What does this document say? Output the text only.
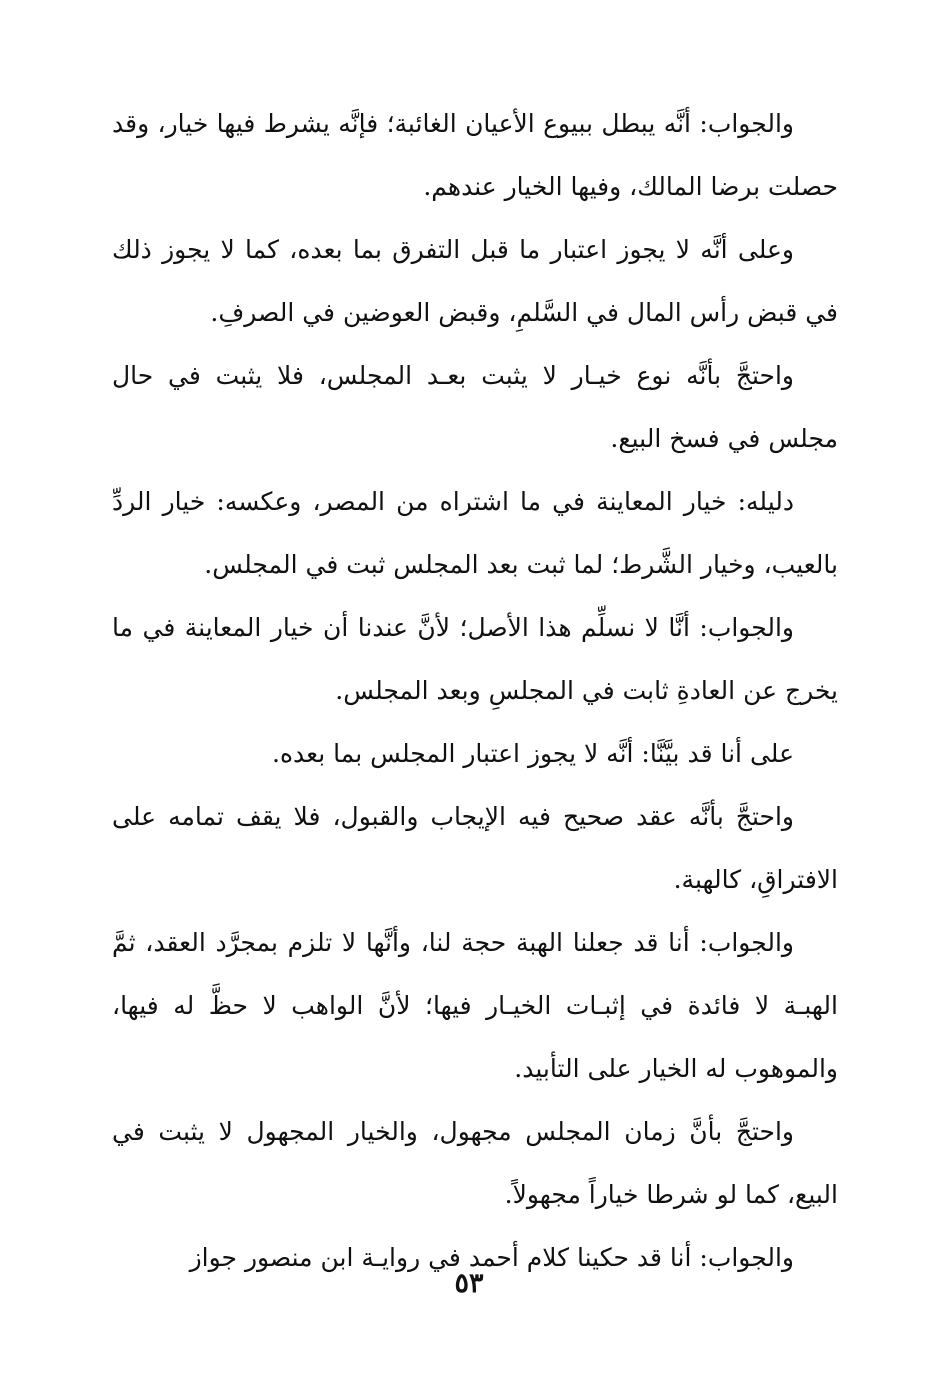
والجواب: أنَّه يبطل ببيوع الأعيان الغائبة؛ فإنَّه يشرط فيها خيار، وقد حصلت برضا المالك، وفيها الخيار عندهم.

وعلى أنَّه لا يجوز اعتبار ما قبل التفرق بما بعده، كما لا يجوز ذلك في قبض رأس المال في السَّلمِ، وقبض العوضين في الصرفِ.

واحتجَّ بأنَّه نوع خيـار لا يثبت بعـد المجلس، فلا يثبت في حال مجلس في فسخ البيع.

دليله: خيار المعاينة في ما اشتراه من المصر، وعكسه: خيار الردِّ بالعيب، وخيار الشَّرط؛ لما ثبت بعد المجلس ثبت في المجلس.

والجواب: أنَّا لا نسلِّم هذا الأصل؛ لأنَّ عندنا أن خيار المعاينة في ما يخرج عن العادةِ ثابت في المجلسِ وبعد المجلس.

على أنا قد بيَّنَّا: أنَّه لا يجوز اعتبار المجلس بما بعده.

واحتجَّ بأنَّه عقد صحيح فيه الإيجاب والقبول، فلا يقف تمامه على الافتراقِ، كالهبة.

والجواب: أنا قد جعلنا الهبة حجة لنا، وأنَّها لا تلزم بمجرَّد العقد، ثمَّ الهبـة لا فائدة في إثبـات الخيـار فيها؛ لأنَّ الواهب لا حظَّ له فيها، والموهوب له الخيار على التأبيد.

واحتجَّ بأنَّ زمان المجلس مجهول، والخيار المجهول لا يثبت في البيع، كما لو شرطا خياراً مجهولاً.

والجواب: أنا قد حكينا كلام أحمد في روايـة ابن منصور جواز

٥٣
